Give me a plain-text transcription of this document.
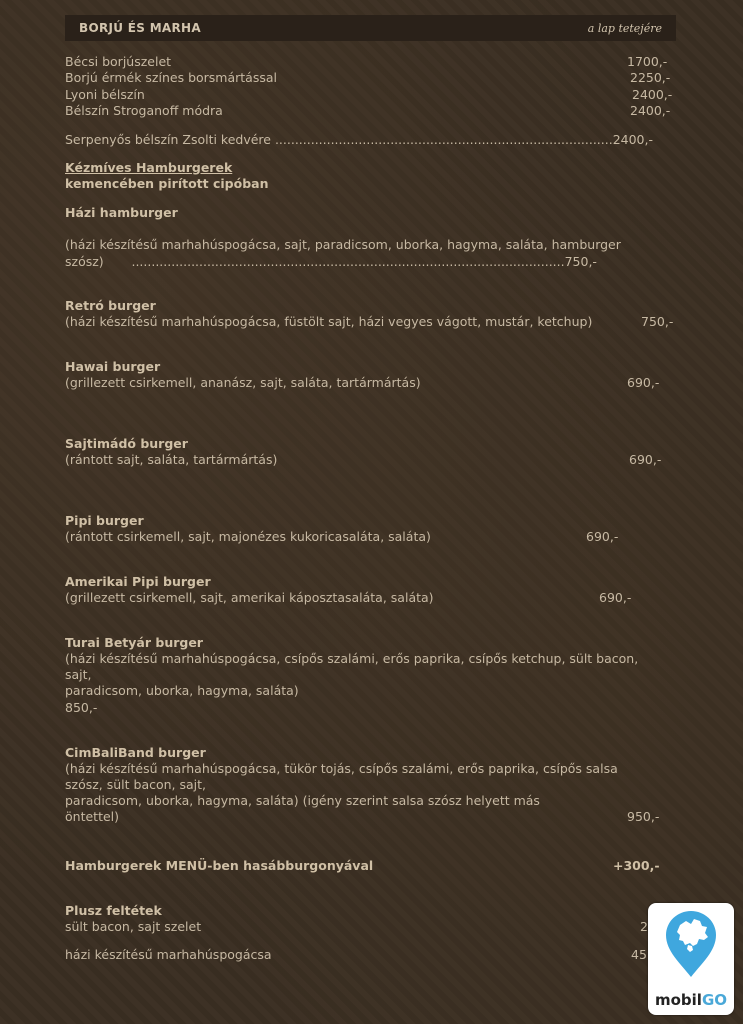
BORJÚ ÉS MARHA	a lap tetejére
Bécsi borjúszelet	1700,-
Borjú érmék színes borsmártással	2250,-
Lyoni bélszín	2400,-
Bélszín Stroganoff módra	2400,-
Serpenyős bélszín Zsolti kedvére .....................................................................................2400,-
Kézmíves Hamburgerek
kemencében pirított cipóban
Házi hamburger
(házi készítésű marhahúspogácsa, sajt, paradicsom, uborka, hagyma, saláta, hamburger
szósz)       .............................................................................................................750,-
Retró burger
(házi készítésű marhahúspogácsa, füstölt sajt, házi vegyes vágott, mustár, ketchup)	750,-
Hawai burger
(grillezett csirkemell, ananász, sajt, saláta, tartármártás)	690,-
Sajtimádó burger
(rántott sajt, saláta, tartármártás)	690,-
Pipi burger
(rántott csirkemell, sajt, majonézes kukoricasaláta, saláta)	690,-
Amerikai Pipi burger
(grillezett csirkemell, sajt, amerikai káposztasaláta, saláta)	690,-
Turai Betyár burger
(házi készítésű marhahúspogácsa, csípős szalámi, erős paprika, csípős ketchup, sült bacon,
sajt,
paradicsom, uborka, hagyma, saláta)
850,-
CimBaliBand burger
(házi készítésű marhahúspogácsa, tükör tojás, csípős szalámi, erős paprika, csípős salsa
szósz, sült bacon, sajt,
paradicsom, uborka, hagyma, saláta) (igény szerint salsa szósz helyett más
öntettel)	950,-
Hamburgerek MENÜ-ben hasábburgonyával	+300,-
Plusz feltétek
sült bacon, sajt szelet	2
házi készítésű marhahúspogácsa	45
mobilGO
